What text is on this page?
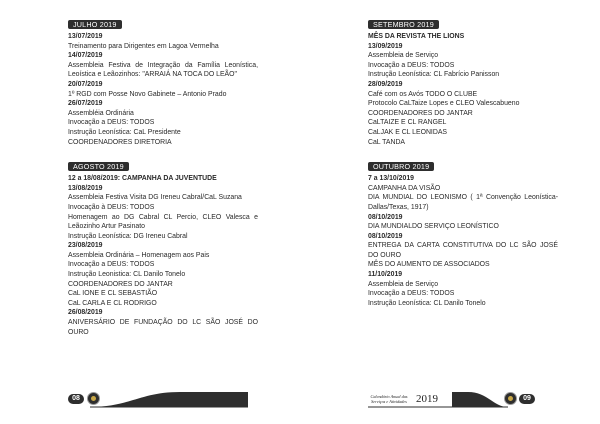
JULHO 2019
13/07/2019
Treinamento para Dirigentes em Lagoa Vermelha
14/07/2019
Assembleia Festiva de Integração da Família Leonística, Leoística e Leãozinhos: "ARRAIÁ NA TOCA DO LEÃO"
20/07/2019
1º RGD com Posse Novo Gabinete – Antonio Prado
26/07/2019
Assembléia Ordinária
Invocação a DEUS: TODOS
Instrução Leonística: CaL Presidente
COORDENADORES DIRETORIA
AGOSTO 2019
12 a 18/08/2019: CAMPANHA DA JUVENTUDE
13/08/2019
Assembleia Festiva Visita DG Ireneu Cabral/CaL Suzana
Invocação à DEUS: TODOS
Homenagem ao DG Cabral CL Percio, CLEO Valesca e Leãozinho Artur Pasinato
Instrução Leonística: DG Ireneu Cabral
23/08/2019
Assembleia Ordinária – Homenagem aos Pais
Invocação a DEUS: TODOS
Instrução Leonistica: CL Danilo Tonelo
COORDENADORES DO JANTAR
CaL IONE E CL SEBASTIÃO
CaL CARLA E CL RODRIGO
26/08/2019
ANIVERSÁRIO DE FUNDAÇÃO DO LC SÃO JOSÉ DO OURO
SETEMBRO 2019
MÊS DA REVISTA THE LIONS
13/09/2019
Assembleia de Serviço
Invocação a DEUS: TODOS
Instrução Leonística: CL Fabrício Panisson
28/09/2019
Café com os Avós TODO O CLUBE
Protocolo CaLTaize Lopes e CLEO Valescabueno
COORDENADORES DO JANTAR
CaLTAIZE E CL RANGEL
CaLJAK E CL LEONIDAS
CaL TANDA
OUTUBRO 2019
7 a 13/10/2019
CAMPANHA DA VISÃO
DIA MUNDIAL DO LEONISMO ( 1ª Convenção Leonística- Dallas/Texas, 1917)
08/10/2019
DIA MUNDIALDO SERVIÇO LEONÍSTICO
08/10/2019
ENTREGA DA CARTA CONSTITUTIVA DO LC SÃO JOSÉ DO OURO
MÊS DO AUMENTO DE ASSOCIADOS
11/10/2019
Assembleia de Serviço
Invocação a DEUS: TODOS
Instrução Leonística: CL Danilo Tonelo
08	Calendário Anual das
Serviços e Atividades 2019	09
